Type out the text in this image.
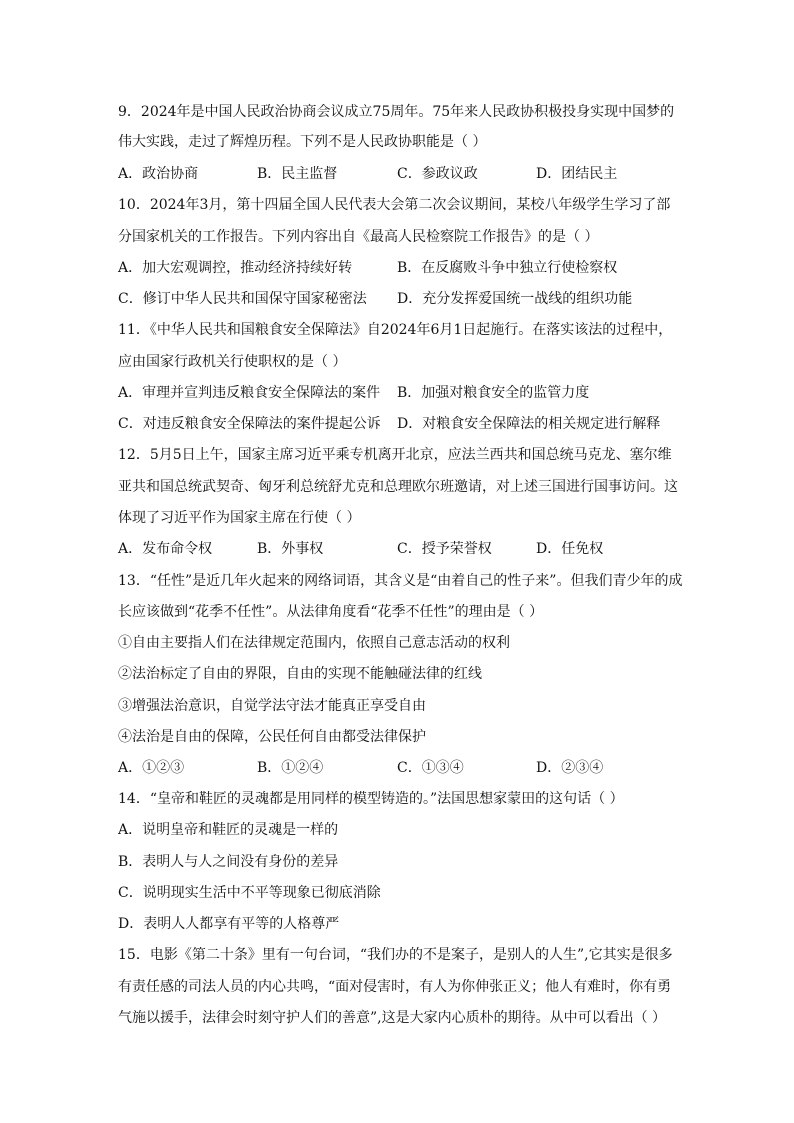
9．2024年是中国人民政治协商会议成立75周年。75年来人民政协积极投身实现中国梦的
伟大实践，走过了辉煌历程。下列不是人民政协职能是（ ）
A．政治协商	B．民主监督	C．参政议政	D．团结民主
10．2024年3月，第十四届全国人民代表大会第二次会议期间，某校八年级学生学习了部
分国家机关的工作报告。下列内容出自《最高人民检察院工作报告》的是（ ）
A．加大宏观调控，推动经济持续好转	B．在反腐败斗争中独立行使检察权
C．修订中华人民共和国保守国家秘密法 D．充分发挥爱国统一战线的组织功能
11．《中华人民共和国粮食安全保障法》自2024年6月1日起施行。在落实该法的过程中，
应由国家行政机关行使职权的是（ ）
A．审理并宣判违反粮食安全保障法的案件 B．加强对粮食安全的监管力度
C．对违反粮食安全保障法的案件提起公诉 D．对粮食安全保障法的相关规定进行解释
12．5月5日上午，国家主席习近平乘专机离开北京，应法兰西共和国总统马克龙、塞尔维
亚共和国总统武契奇、匈牙利总统舒尤克和总理欧尔班邀请，对上述三国进行国事访问。这
体现了习近平作为国家主席在行使（ ）
A．发布命令权	B．外事权	C．授予荣誉权	D．任免权
13．“任性”是近几年火起来的网络词语，其含义是“由着自己的性子来”。但我们青少年的成
长应该做到“花季不任性”。从法律角度看“花季不任性”的理由是（ ）
①自由主要指人们在法律规定范围内，依照自己意志活动的权利
②法治标定了自由的界限，自由的实现不能触碰法律的红线
③增强法治意识，自觉学法守法才能真正享受自由
④法治是自由的保障，公民任何自由都受法律保护
A．①②③	B．①②④	C．①③④	D．②③④
14．“皇帝和鞋匠的灵魂都是用同样的模型铸造的。”法国思想家蒙田的这句话（ ）
A．说明皇帝和鞋匠的灵魂是一样的
B．表明人与人之间没有身份的差异
C．说明现实生活中不平等现象已彻底消除
D．表明人人都享有平等的人格尊严
15．电影《第二十条》里有一句台词，“我们办的不是案子，是别人的人生”,它其实是很多
有责任感的司法人员的内心共鸣，“面对侵害时，有人为你伸张正义；他人有难时，你有勇
气施以援手，法律会时刻守护人们的善意”,这是大家内心质朴的期待。从中可以看出（ ）
